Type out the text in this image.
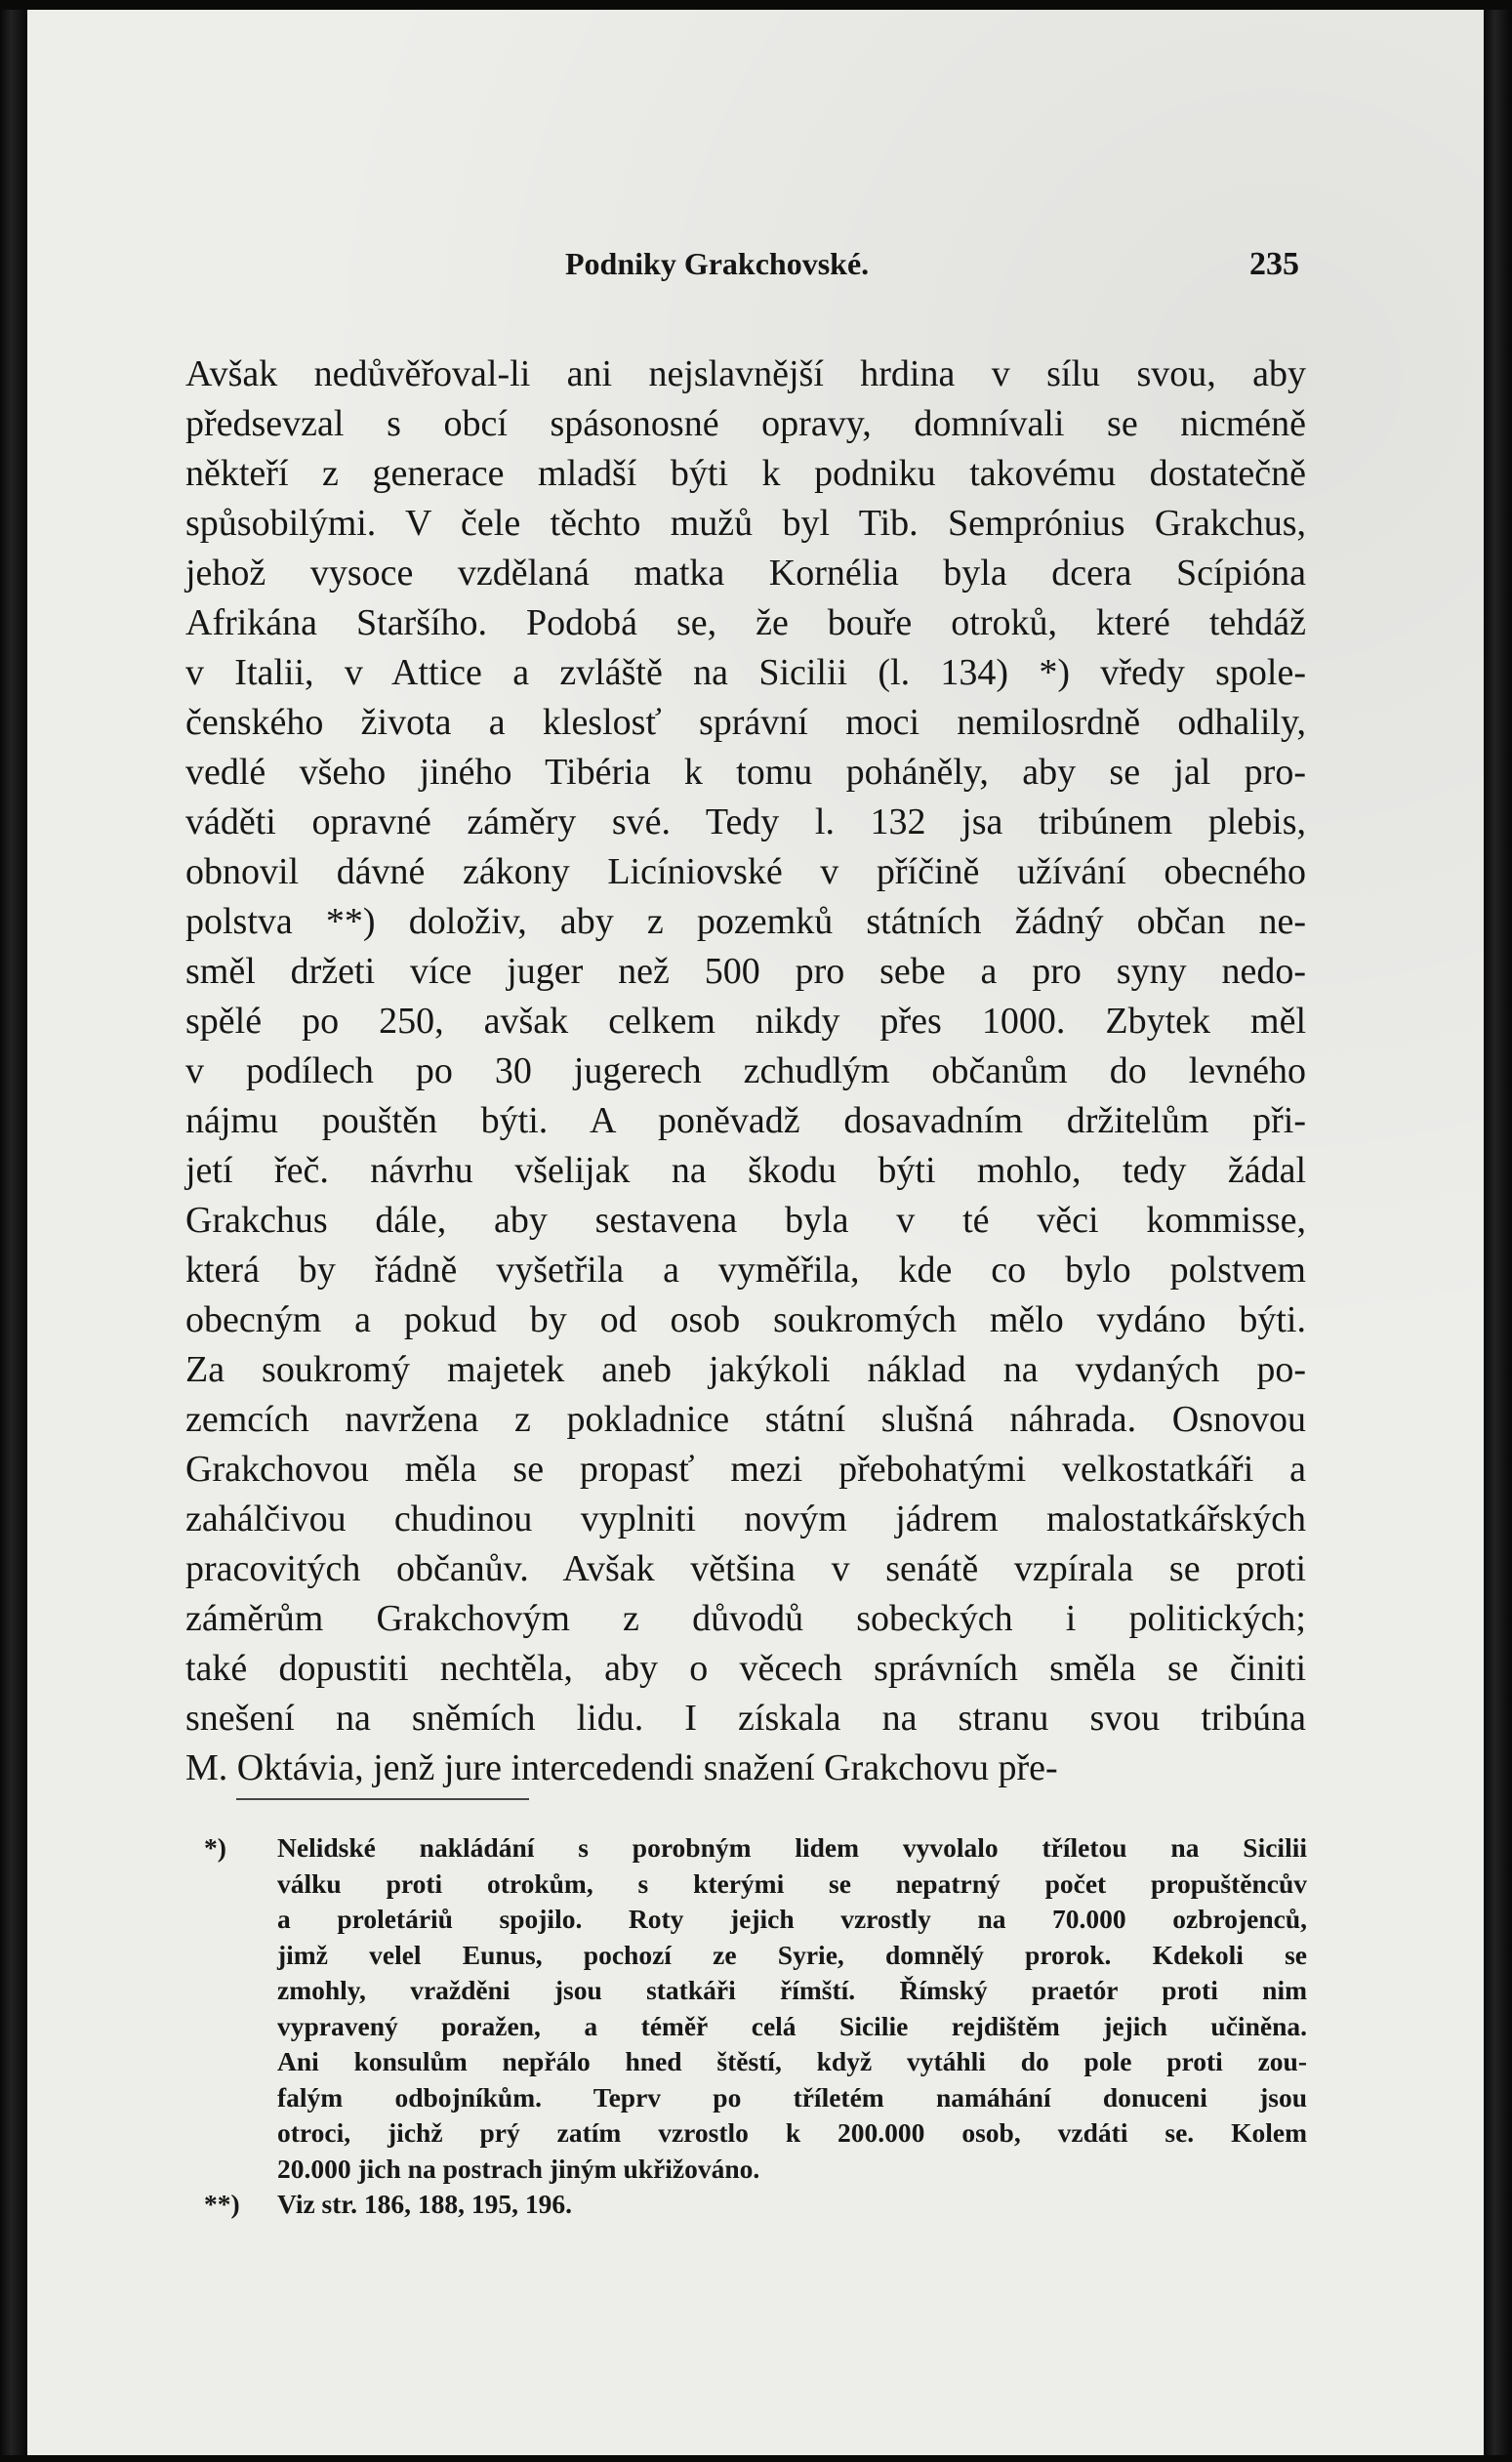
Podniky Grakchovské.	235
Avšak nedůvěřoval-li ani nejslavnější hrdina v sílu svou, aby
předsevzal s obcí spásonosné opravy, domnívali se nicméně
někteří z generace mladší býti k podniku takovému dostatečně
spůsobilými. V čele těchto mužů byl Tib. Semprónius Grakchus,
jehož vysoce vzdělaná matka Kornélia byla dcera Scípióna
Afrikána Staršího. Podobá se, že bouře otroků, které tehdáž
v Italii, v Attice a zvláště na Sicilii (l. 134) *) vředy spole-
čenského života a kleslosť správní moci nemilosrdně odhalily,
vedlé všeho jiného Tibéria k tomu poháněly, aby se jal pro-
váděti opravné záměry své. Tedy l. 132 jsa tribúnem plebis,
obnovil dávné zákony Licíniovské v příčině užívání obecného
polstva **) doloživ, aby z pozemků státních žádný občan ne-
směl držeti více juger než 500 pro sebe a pro syny nedo-
spělé po 250, avšak celkem nikdy přes 1000. Zbytek měl
v podílech po 30 jugerech zchudlým občanům do levného
nájmu pouštěn býti. A poněvadž dosavadním držitelům při-
jetí řeč. návrhu všelijak na škodu býti mohlo, tedy žádal
Grakchus dále, aby sestavena byla v té věci kommisse,
která by řádně vyšetřila a vyměřila, kde co bylo polstvem
obecným a pokud by od osob soukromých mělo vydáno býti.
Za soukromý majetek aneb jakýkoli náklad na vydaných po-
zemcích navržena z pokladnice státní slušná náhrada. Osnovou
Grakchovou měla se propasť mezi přebohatými velkostatkáři a
zahálčivou chudinou vyplniti novým jádrem malostatkářských
pracovitých občanův. Avšak většina v senátě vzpírala se proti
záměrům Grakchovým z důvodů sobeckých i politických;
také dopustiti nechtěla, aby o věcech správních směla se činiti
snešení na sněmích lidu. I získala na stranu svou tribúna
M. Oktávia, jenž jure intercedendi snažení Grakchovu pře-
*) Nelidské nakládání s porobným lidem vyvolalo tříletou na Sicilii
válku proti otrokům, s kterými se nepatrný počet propuštěncův
a proletáriů spojilo. Roty jejich vzrostly na 70.000 ozbrojenců,
jimž velel Eunus, pochozí ze Syrie, domnělý prorok. Kdekoli se
zmohly, vražděni jsou statkáři římští. Římský praetór proti nim
vypravený poražen, a téměř celá Sicilie rejdištěm jejich učiněna.
Ani konsulům nepřálo hned štěstí, když vytáhli do pole proti zou-
falým odbojníkům. Teprv po tříletém namáhání donuceni jsou
otroci, jichž prý zatím vzrostlo k 200.000 osob, vzdáti se. Kolem
20.000 jich na postrach jiným ukřižováno.
**) Viz str. 186, 188, 195, 196.
